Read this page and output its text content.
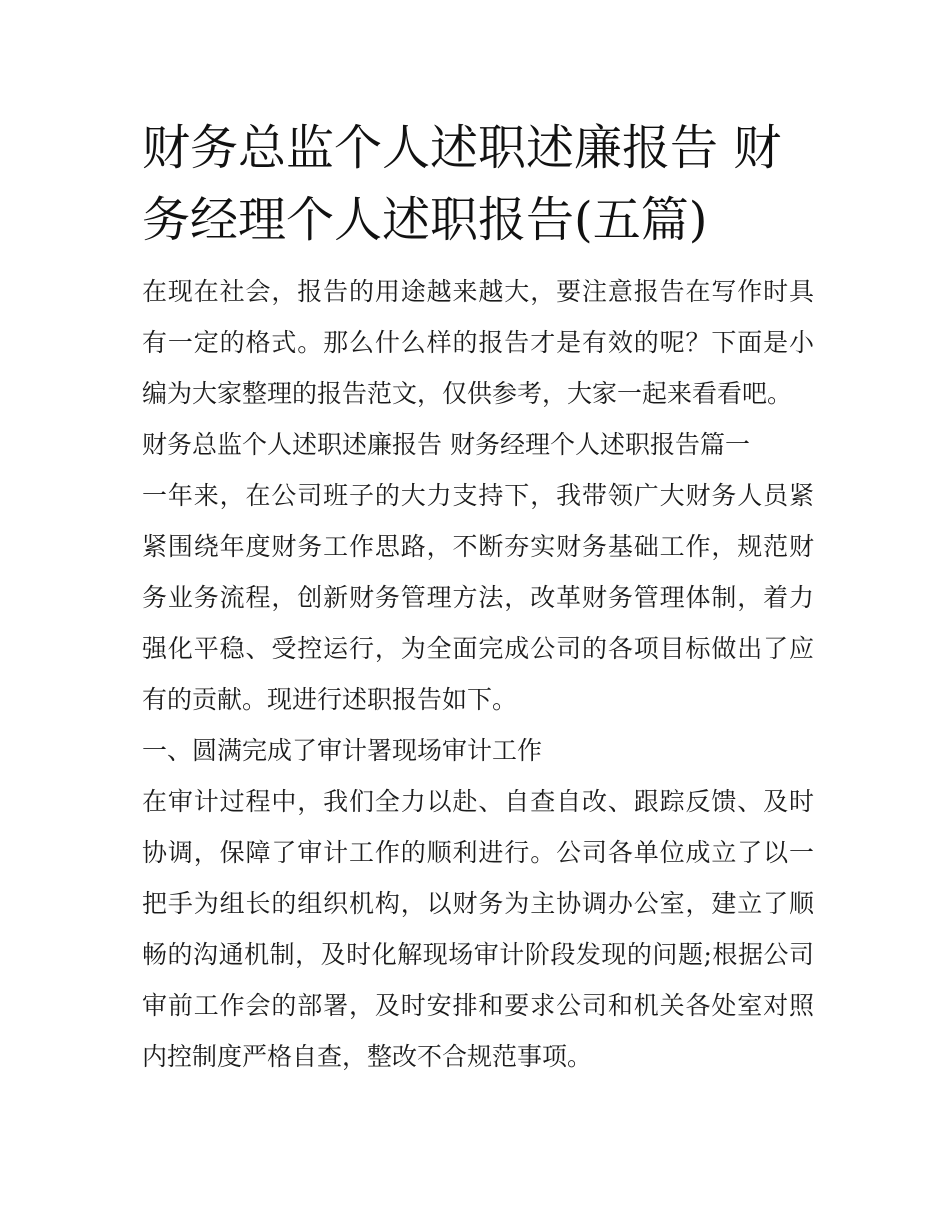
财务总监个人述职述廉报告 财务经理个人述职报告(五篇)

在现在社会，报告的用途越来越大，要注意报告在写作时具有一定的格式。那么什么样的报告才是有效的呢？下面是小编为大家整理的报告范文，仅供参考，大家一起来看看吧。

财务总监个人述职述廉报告 财务经理个人述职报告篇一

一年来，在公司班子的大力支持下，我带领广大财务人员紧紧围绕年度财务工作思路，不断夯实财务基础工作，规范财务业务流程，创新财务管理方法，改革财务管理体制，着力强化平稳、受控运行，为全面完成公司的各项目标做出了应有的贡献。现进行述职报告如下。

一、圆满完成了审计署现场审计工作

在审计过程中，我们全力以赴、自查自改、跟踪反馈、及时协调，保障了审计工作的顺利进行。公司各单位成立了以一把手为组长的组织机构，以财务为主协调办公室，建立了顺畅的沟通机制，及时化解现场审计阶段发现的问题;根据公司审前工作会的部署，及时安排和要求公司和机关各处室对照内控制度严格自查，整改不合规范事项。
